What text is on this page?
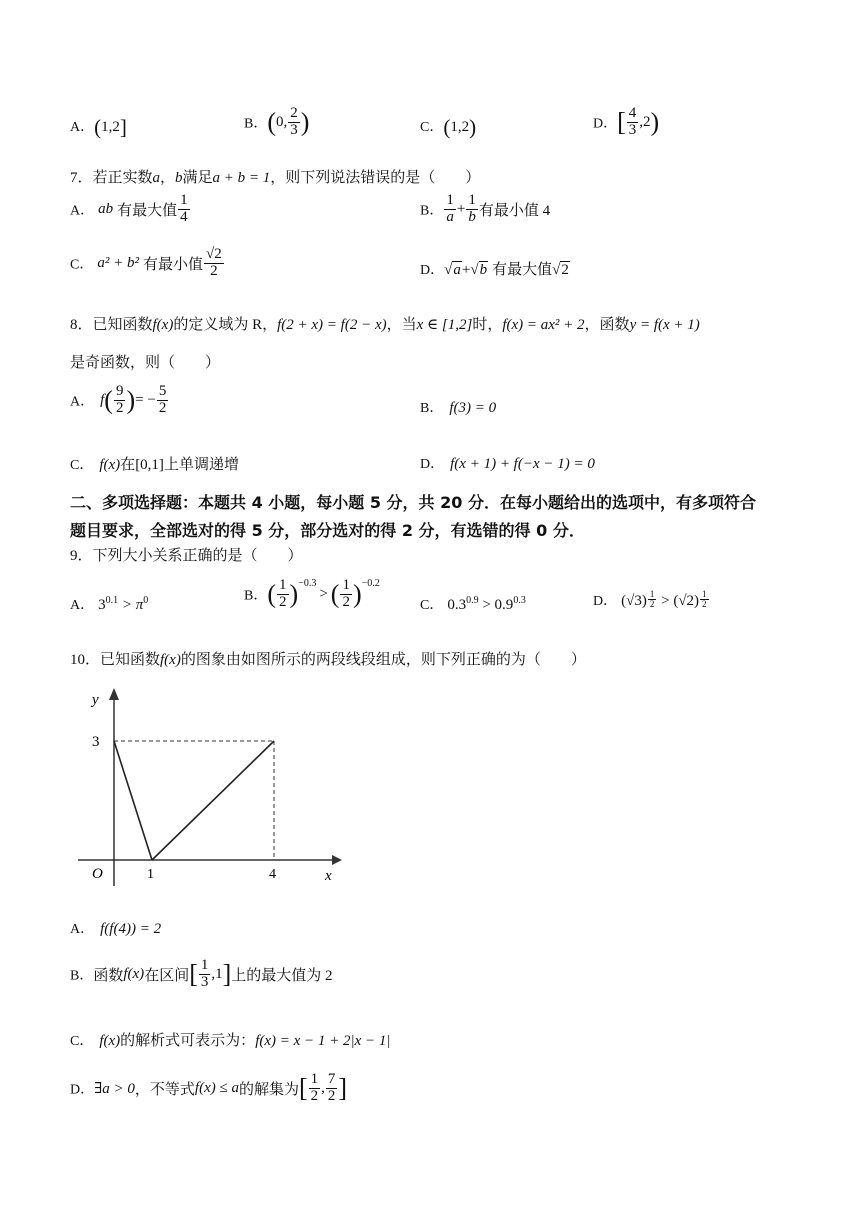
A．(1,2]	B．(0, $\frac{2}{3}$ )	C．(1,2)	D．[ $\frac{4}{3} ,2$)
7．若正实数a，b满足a + b = 1，则下列说法错误的是（　　）
A． ab 有最大值 $\frac{1}{4}$	B． $\frac{1}{a} + \frac{1}{b}$ 有最小值 4
C． a² + b² 有最小值 $\frac{√2}{2}$	D．√a+√b 有最大值√2
8．已知函数f(x)的定义域为 R，f(2 + x) = f(2 − x)，当x ∈ [1,2]时，f(x) = ax² + 2，函数y = f(x + 1)
是奇函数，则（　　）
A． $f( \frac{9}{2}$ )= − $\frac{5}{2}$	B． f(3) = 0
C． f(x)在[0,1]上单调递增	D． f(x + 1) + f(−x − 1) = 0
二、多项选择题：本题共 4 小题，每小题 5 分，共 20 分．在每小题给出的选项中，有多项符合
题目要求，全部选对的得 5 分，部分选对的得 2 分，有选错的得 0 分．
9．下列大小关系正确的是（　　）
A． $3^{0.1} > \pi^0$	B．( $\frac{1}{2} )^{-0.3}>$ ( $\frac{1}{2} )^{-0.2}$
C． $0.3^{0.9} > 0.9^{0.3}$	D． $(√3) \frac{1}{2} > (√2) \frac{1}{2}$
10．已知函数f(x)的图象由如图所示的两段线段组成，则下列正确的为（　　）
y
x
O
3
1	4
A． f(f(4)) = 2
B．函数f(x)在区间[ $\frac{1}{3} ,1$]上的最大值为 2
C． f(x)的解析式可表示为：f(x) = x − 1 + 2|x − 1|
D．∃a > 0，不等式f(x) ≤ a的解集为[ $\frac{1}{2}$ , $\frac{7}{2}$ ]
